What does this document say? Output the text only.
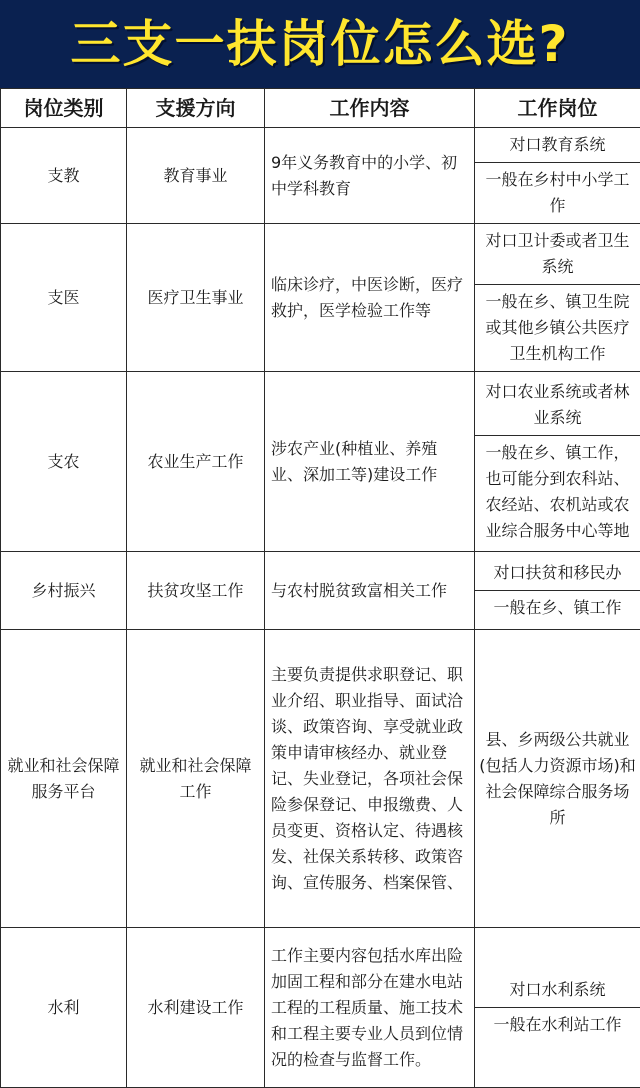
三支一扶岗位怎么选?
岗位类别	支援方向	工作内容	工作岗位
支教	教育事业	9年义务教育中的小学、初中学科教育	对口教育系统
一般在乡村中小学工作

支医	医疗卫生事业	临床诊疗，中医诊断，医疗救护，医学检验工作等	对口卫计委或者卫生系统
一般在乡、镇卫生院或其他乡镇公共医疗卫生机构工作

支农	农业生产工作	涉农产业(种植业、养殖业、深加工等)建设工作	对口农业系统或者林业系统
一般在乡、镇工作，也可能分到农科站、农经站、农机站或农业综合服务中心等地

乡村振兴	扶贫攻坚工作	与农村脱贫致富相关工作	对口扶贫和移民办
一般在乡、镇工作

就业和社会保障服务平台	就业和社会保障工作	主要负责提供求职登记、职业介绍、职业指导、面试洽谈、政策咨询、享受就业政策申请审核经办、就业登记、失业登记，各项社会保险参保登记、申报缴费、人员变更、资格认定、待遇核发、社保关系转移、政策咨询、宣传服务、档案保管、	县、乡两级公共就业(包括人力资源市场)和社会保障综合服务场所

水利	水利建设工作	工作主要内容包括水库出险加固工程和部分在建水电站工程的工程质量、施工技术和工程主要专业人员到位情况的检查与监督工作。	对口水利系统
一般在水利站工作
